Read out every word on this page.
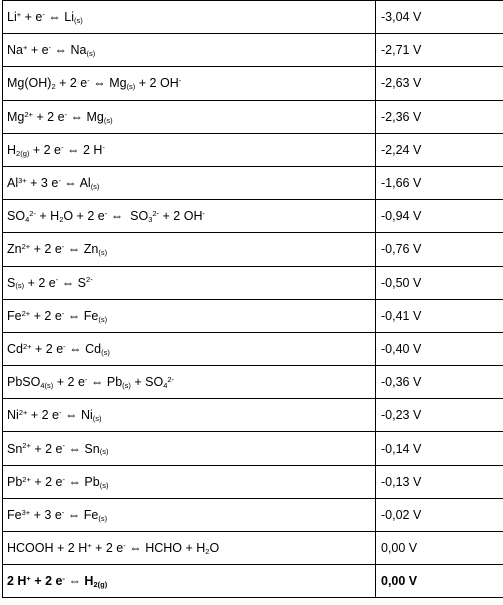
Li+ + e- ⇔ $Li_{(s)}$	-3,04 V
Na+ + e- ⇔ $Na_{(s)}$	-2,71 V
$Mg(OH)_2 + 2$ e- ⇔ $Mg_{(s)} + 2$ OH-	-2,63 V
$Mg^{2+} + 2$ e- ⇔ $Mg_{(s)}$	-2,36 V
$H_{2(g)} + 2$ e- ⇔ 2 H-	-2,24 V
$Al^{3+} + 3$ e- ⇔ $Al_{(s)}$	-1,66 V
$SO_4^{2-} + H_2O + 2$ e- ⇔  $SO_3^{2-} + 2$ OH-	-0,94 V
$Zn^{2+} + 2$ e- ⇔ $Zn_{(s)}$	-0,76 V
$S_{(s)} + 2$ e- ⇔ $S^{2-}$	-0,50 V
$Fe^{2+} + 2$ e- ⇔ $Fe_{(s)}$	-0,41 V
$Cd^{2+} + 2$ e- ⇔ $Cd_{(s)}$	-0,40 V
PbSO$_{4(s)}$ + 2 e- ⇔ $Pb_{(s)} + SO_4^{2-}$	-0,36 V
$Ni^{2+} + 2$ e- ⇔ $Ni_{(s)}$	-0,23 V
$Sn^{2+} + 2$ e- ⇔ $Sn_{(s)}$	-0,14 V
$Pb^{2+} + 2$ e- ⇔ $Pb_{(s)}$	-0,13 V
$Fe^{3+} + 3$ e- ⇔ $Fe_{(s)}$	-0,02 V
HCOOH + 2 H+ + 2 e- ⇔ HCHO + $H_2O$	0,00 V
2 H+ + 2 e- ⇔ $H_{2(g)}$	0,00 V
